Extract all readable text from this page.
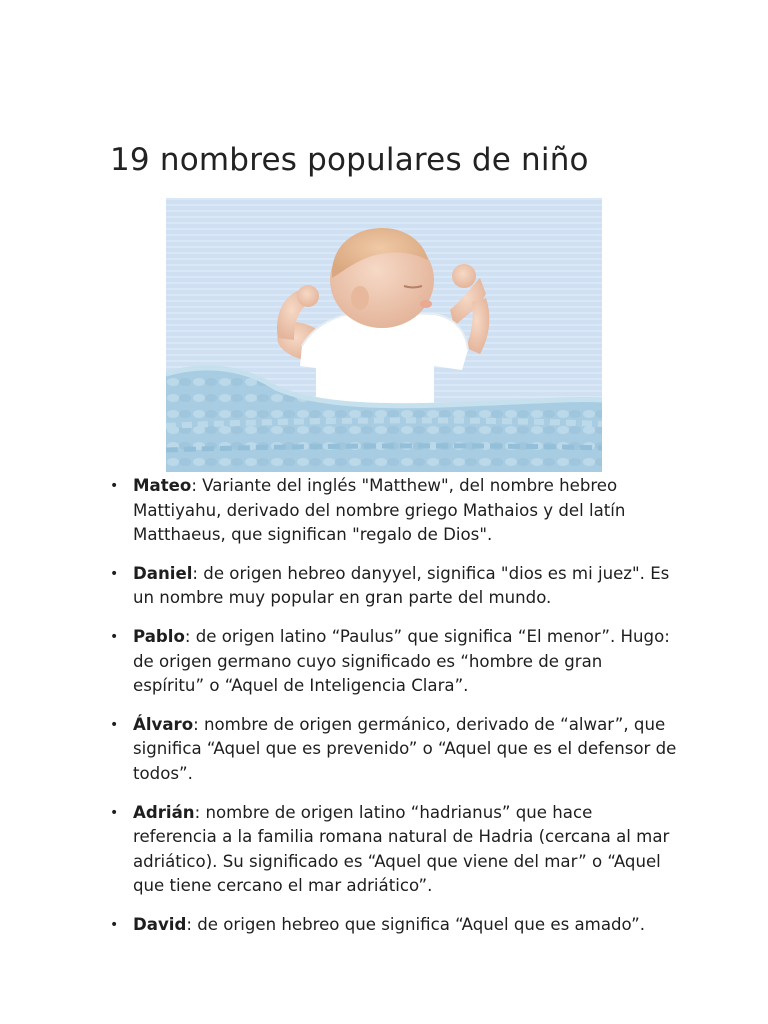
19 nombres populares de niño
• Mateo: Variante del inglés "Matthew", del nombre hebreo Mattiyahu, derivado del nombre griego Mathaios y del latín Matthaeus, que significan "regalo de Dios".
• Daniel: de origen hebreo danyyel, significa "dios es mi juez". Es un nombre muy popular en gran parte del mundo.
• Pablo: de origen latino “Paulus” que significa “El menor”. Hugo: de origen germano cuyo significado es “hombre de gran espíritu” o “Aquel de Inteligencia Clara”.
• Álvaro: nombre de origen germánico, derivado de “alwar”, que significa “Aquel que es prevenido” o “Aquel que es el defensor de todos”.
• Adrián: nombre de origen latino “hadrianus” que hace referencia a la familia romana natural de Hadria (cercana al mar adriático). Su significado es “Aquel que viene del mar” o “Aquel que tiene cercano el mar adriático”.
• David: de origen hebreo que significa “Aquel que es amado”.
